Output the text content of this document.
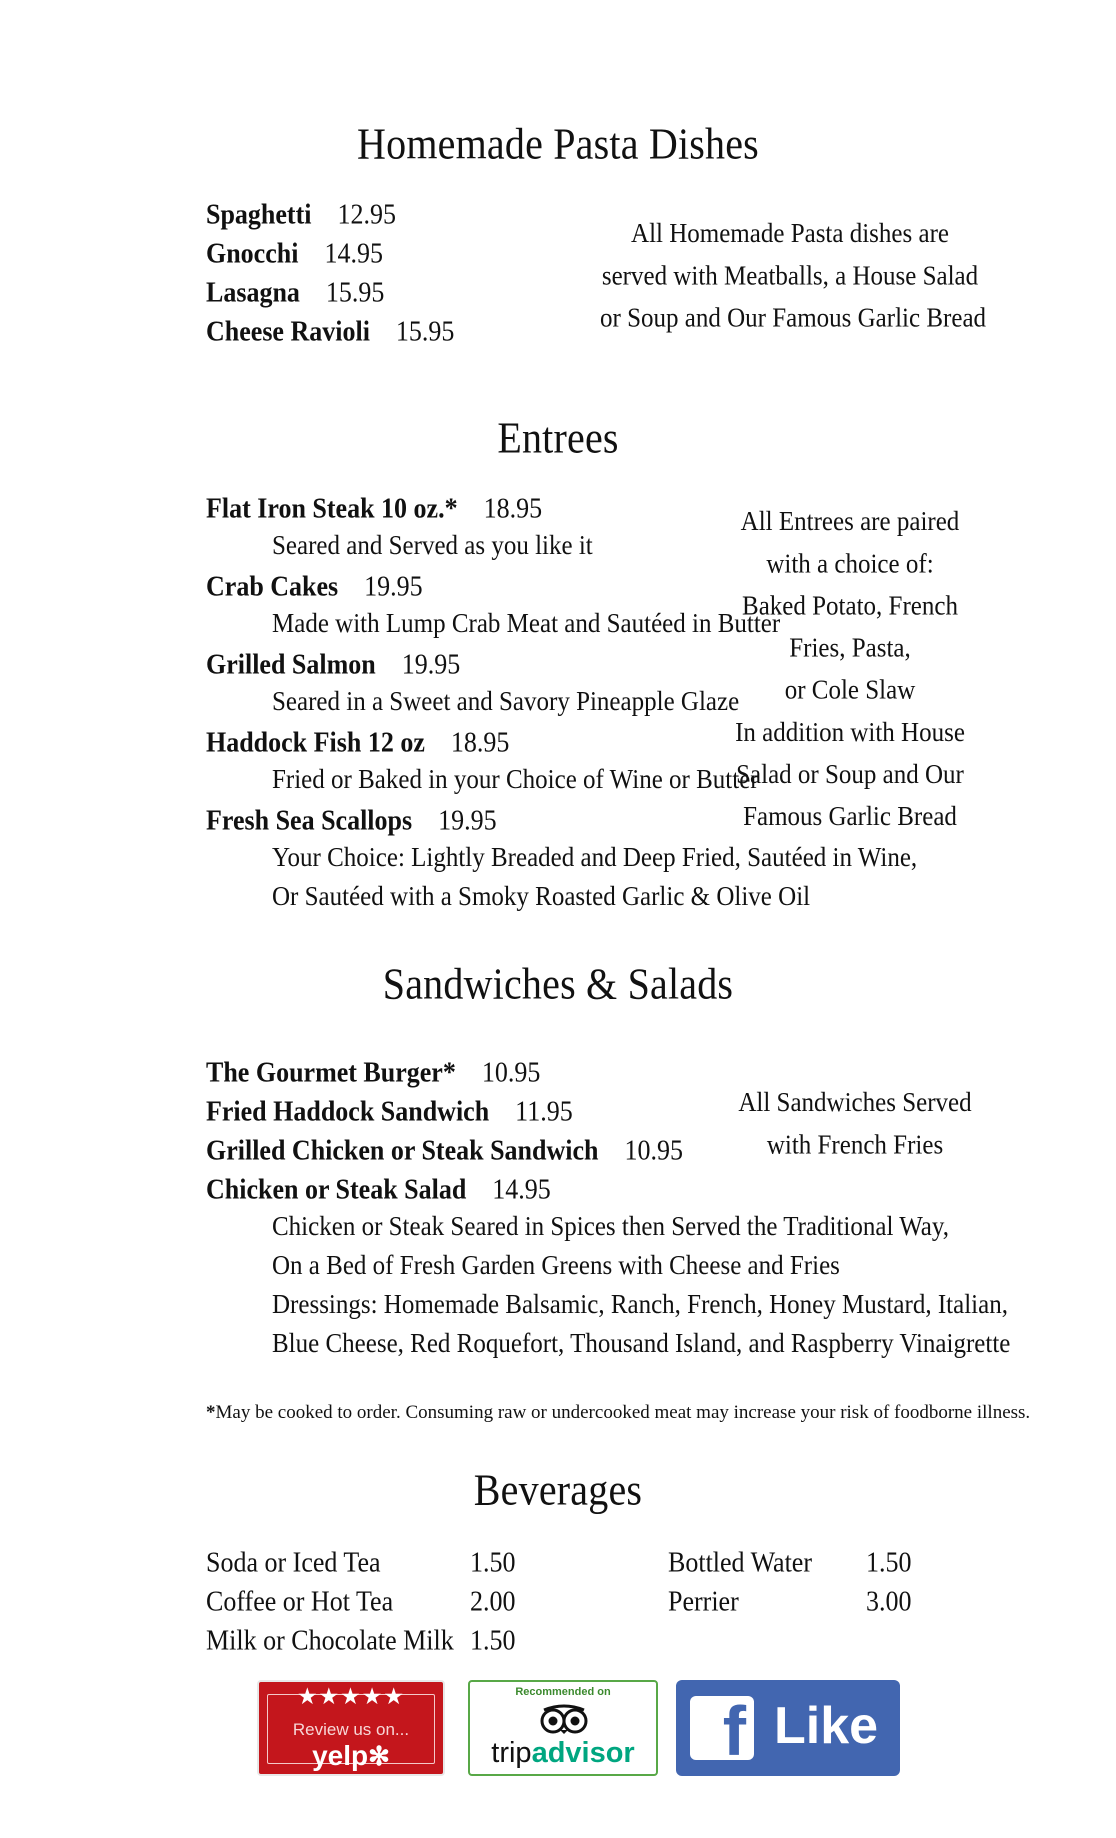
Homemade Pasta Dishes
Spaghetti 12.95
Gnocchi 14.95
Lasagna 15.95
Cheese Ravioli 15.95
All Homemade Pasta dishes are
served with Meatballs, a House Salad
or Soup and Our Famous Garlic Bread
Entrees
Flat Iron Steak 10 oz.* 18.95
Seared and Served as you like it
Crab Cakes 19.95
Made with Lump Crab Meat and Sautéed in Butter
Grilled Salmon 19.95
Seared in a Sweet and Savory Pineapple Glaze
Haddock Fish 12 oz 18.95
Fried or Baked in your Choice of Wine or Butter
Fresh Sea Scallops 19.95
Your Choice: Lightly Breaded and Deep Fried, Sautéed in Wine,
Or Sautéed with a Smoky Roasted Garlic & Olive Oil
All Entrees are paired
with a choice of:
Baked Potato, French
Fries, Pasta,
or Cole Slaw
In addition with House
Salad or Soup and Our
Famous Garlic Bread
Sandwiches & Salads
The Gourmet Burger* 10.95
Fried Haddock Sandwich 11.95
Grilled Chicken or Steak Sandwich 10.95
Chicken or Steak Salad 14.95
Chicken or Steak Seared in Spices then Served the Traditional Way,
On a Bed of Fresh Garden Greens with Cheese and Fries
Dressings: Homemade Balsamic, Ranch, French, Honey Mustard, Italian,
Blue Cheese, Red Roquefort, Thousand Island, and Raspberry Vinaigrette
All Sandwiches Served
with French Fries
*May be cooked to order. Consuming raw or undercooked meat may increase your risk of foodborne illness.
Beverages
Soda or Iced Tea	1.50
Coffee or Hot Tea	2.00
Milk or Chocolate Milk 1.50
Bottled Water 1.50
Perrier	3.00
★★★★★
Review us on...
yelp✻
Recommended on
tripadvisor	f Like
